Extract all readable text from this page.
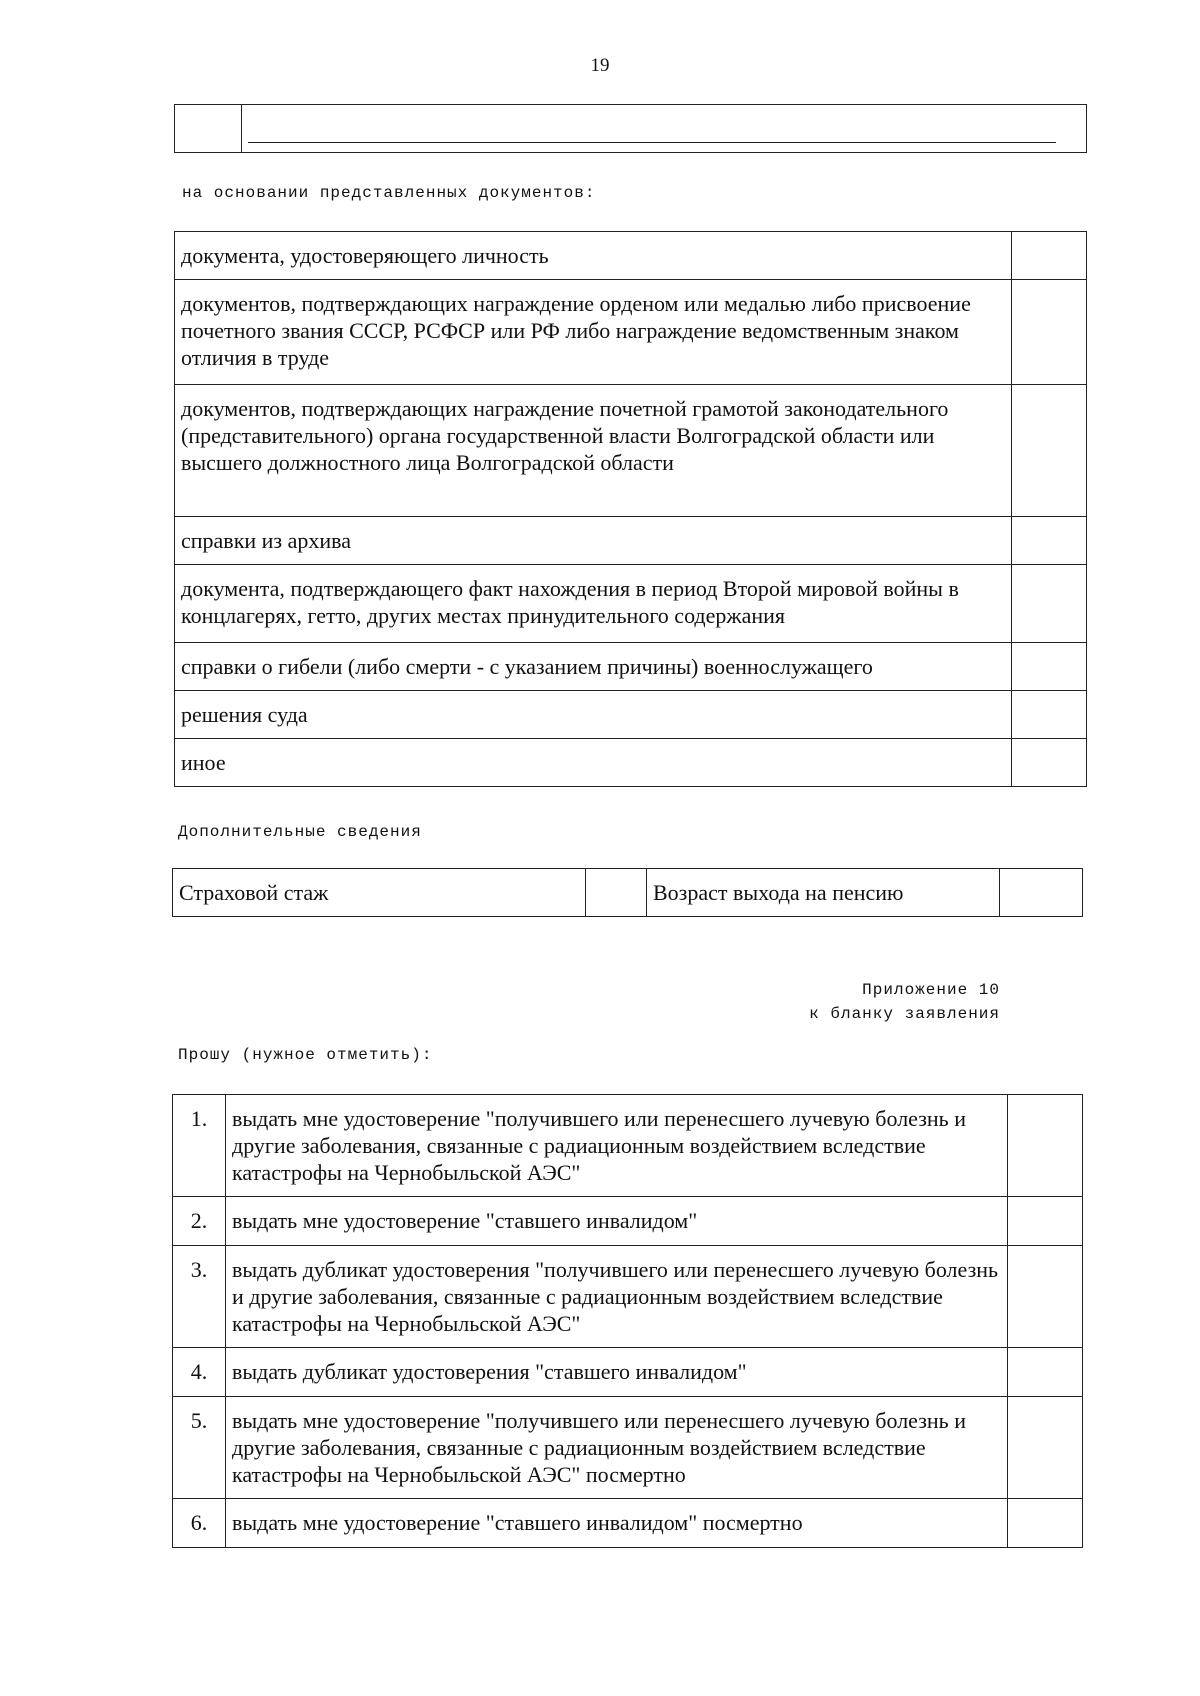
19

на основании представленных документов:
документа, удостоверяющего личность	
документов, подтверждающих награждение орденом или медалью либо присвоение почетного звания СССР, РСФСР или РФ либо награждение ведомственным знаком отличия в труде	
документов, подтверждающих награждение почетной грамотой законодательного (представительного) органа государственной власти Волгоградской области или высшего должностного лица Волгоградской области	
справки из архива	
документа, подтверждающего факт нахождения в период Второй мировой войны в концлагерях, гетто, других местах принудительного содержания	
справки о гибели (либо смерти - с указанием причины) военнослужащего	
решения суда	
иное	
Дополнительные сведения
Страховой стаж		Возраст выхода на пенсию	
Приложение 10
к бланку заявления
Прошу (нужное отметить):
1.	выдать мне удостоверение "получившего или перенесшего лучевую болезнь и другие заболевания, связанные с радиационным воздействием вследствие катастрофы на Чернобыльской АЭС"	
2.	выдать мне удостоверение "ставшего инвалидом"	
3.	выдать дубликат удостоверения "получившего или перенесшего лучевую болезнь и другие заболевания, связанные с радиационным воздействием вследствие катастрофы на Чернобыльской АЭС"	
4.	выдать дубликат удостоверения "ставшего инвалидом"	
5.	выдать мне удостоверение "получившего или перенесшего лучевую болезнь и другие заболевания, связанные с радиационным воздействием вследствие катастрофы на Чернобыльской АЭС" посмертно	
6.	выдать мне удостоверение "ставшего инвалидом" посмертно	
